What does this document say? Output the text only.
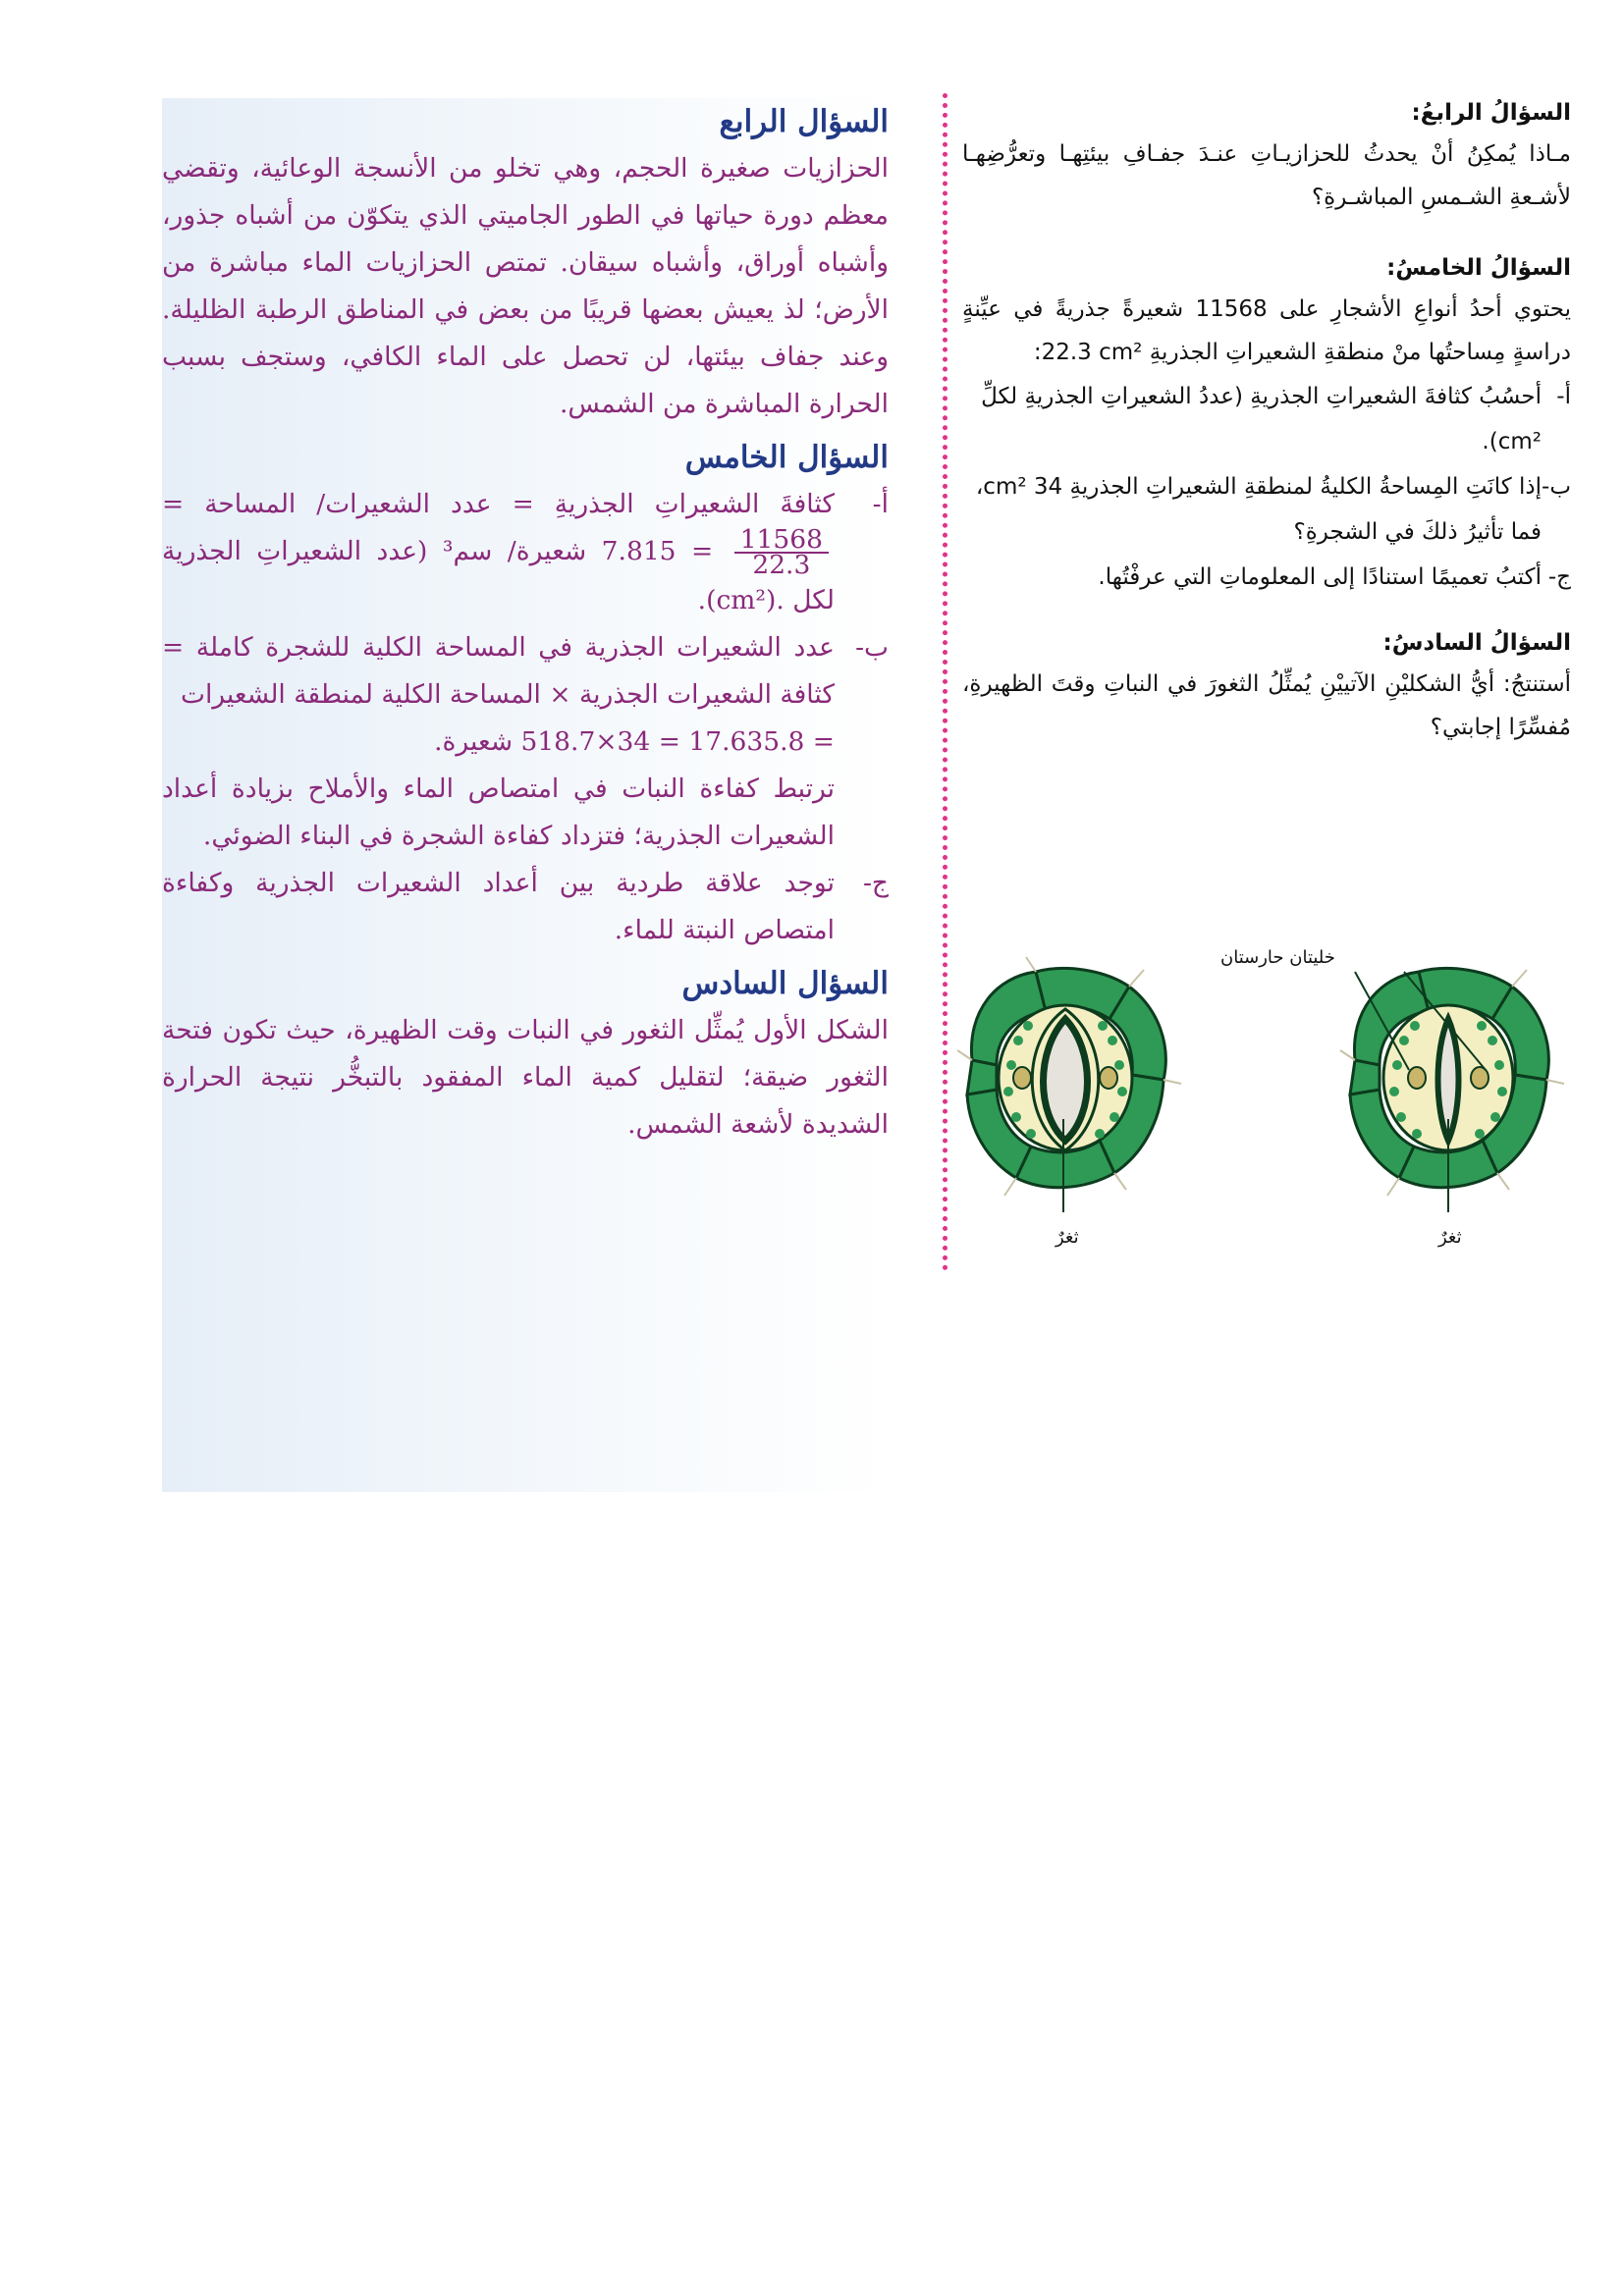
السؤال الرابع

الحزازيات صغيرة الحجم، وهي تخلو من الأنسجة الوعائية، وتقضي معظم دورة حياتها في الطور الجاميتي الذي يتكوّن من أشباه جذور، وأشباه أوراق، وأشباه سيقان. تمتص الحزازيات الماء مباشرة من الأرض؛ لذ يعيش بعضها قريبًا من بعض في المناطق الرطبة الظليلة. وعند جفاف بيئتها، لن تحصل على الماء الكافي، وستجف بسبب الحرارة المباشرة من الشمس.

السؤال الخامس
أ-
كثافةَ الشعيراتِ الجذريةِ = عدد الشعيرات/ المساحة =
$\frac{11568}{22.3}$
= 7.815 شعيرة/ سم³ (عدد الشعيراتِ الجذرية لكل .(cm²).
ب-
عدد الشعيرات الجذرية في المساحة الكلية للشجرة كاملة = كثافة الشعيرات الجذرية × المساحة الكلية لمنطقة الشعيرات
= 17.635.8 = 34×518.7 شعيرة.
ترتبط كفاءة النبات في امتصاص الماء والأملاح بزيادة أعداد الشعيرات الجذرية؛ فتزداد كفاءة الشجرة في البناء الضوئي.
ج-
توجد علاقة طردية بين أعداد الشعيرات الجذرية وكفاءة امتصاص النبتة للماء.
السؤال السادس

الشكل الأول يُمثِّل الثغور في النبات وقت الظهيرة، حيث تكون فتحة الثغور ضيقة؛ لتقليل كمية الماء المفقود بالتبخُّر نتيجة الحرارة الشديدة لأشعة الشمس.

السؤالُ الرابعُ:

مـاذا يُمكِنُ أنْ يحدثُ للحزازيـاتِ عنـدَ جفـافِ بيئتِهـا وتعرُّضِهـا لأشـعةِ الشـمسِ المباشـرةِ؟

السؤالُ الخامسُ:

يحتوي أحدُ أنواعِ الأشجارِ على 11568 شعيرةً جذريةً في عيِّنةٍ دراسةٍ مِساحتُها منْ منطقةِ الشعيراتِ الجذريةِ :22.3 cm²

أ-
أحسُبُ كثافةَ الشعيراتِ الجذريةِ (عددُ الشعيراتِ الجذريةِ لكلِّ cm²).
ب-
إذا كانَتِ المِساحةُ الكليةُ لمنطقةِ الشعيراتِ الجذريةِ 34 cm²، فما تأثيرُ ذلكَ في الشجرةِ؟
ج-
أكتبُ تعميمًا استنادًا إلى المعلوماتِ التي عرفْتُها.
السؤالُ السادسُ:

أستنتجُ: أيُّ الشكليْنِ الآتييْنِ يُمثِّلُ الثغورَ في النباتِ وقتَ الظهيرةِ، مُفسِّرًا إجابتي؟

خليتان حارستان
ثغرٌ	ثغرٌ
